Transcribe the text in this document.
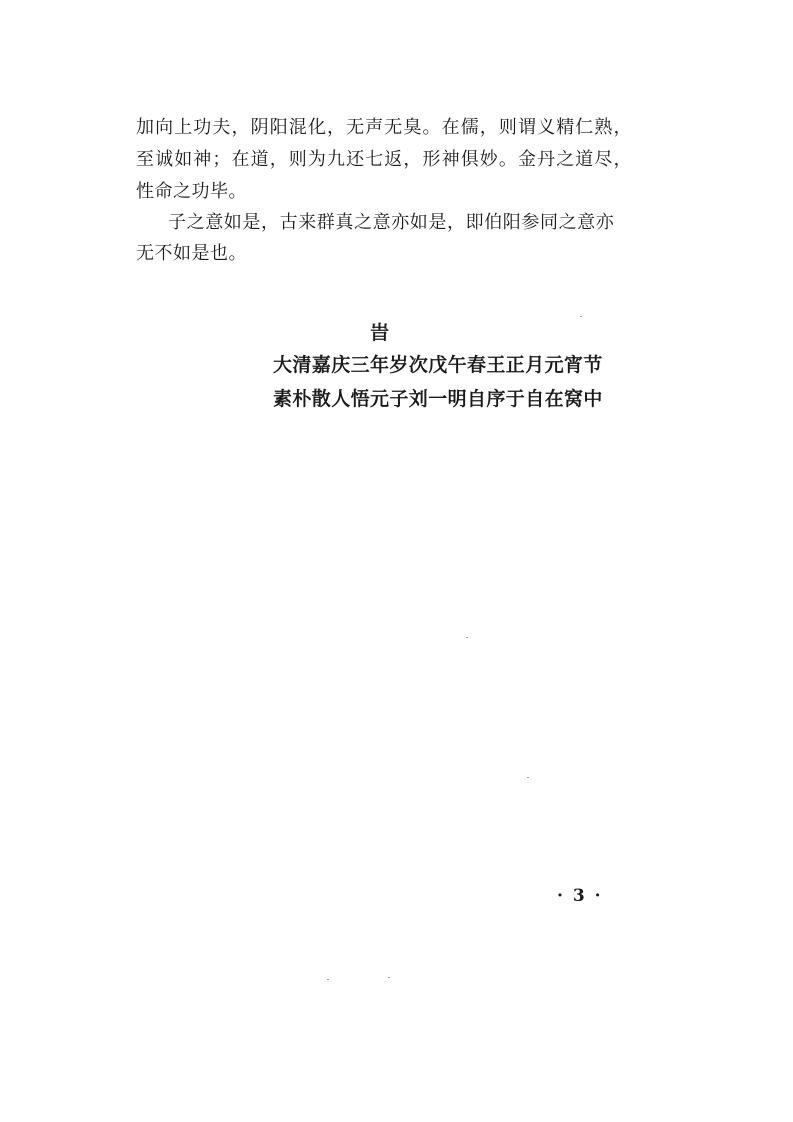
加向上功夫，阴阳混化，无声无臭。在儒，则谓义精仁熟，
至诚如神；在道，则为九还七返，形神俱妙。金丹之道尽，
性命之功毕。
子之意如是，古来群真之意亦如是，即伯阳参同之意亦
无不如是也。
旹
大清嘉庆三年岁次戊午春王正月元宵节
素朴散人悟元子刘一明自序于自在窝中
· 3 ·
